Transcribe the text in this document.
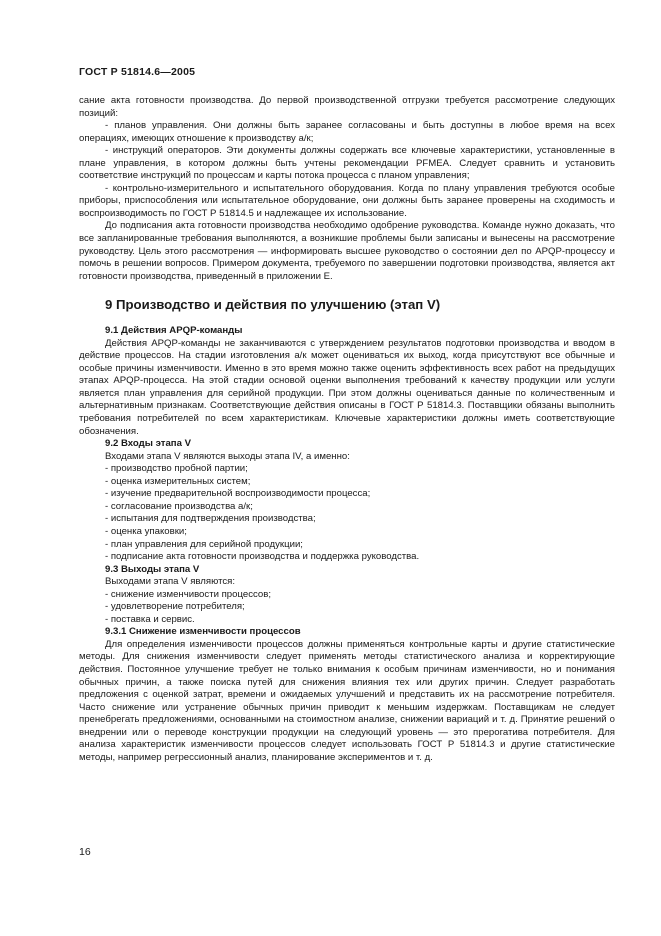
ГОСТ Р 51814.6—2005

сание акта готовности производства. До первой производственной отгрузки требуется рассмотрение следующих позиций:

- планов управления. Они должны быть заранее согласованы и быть доступны в любое время на всех операциях, имеющих отношение к производству а/к;

- инструкций операторов. Эти документы должны содержать все ключевые характеристики, установленные в плане управления, в котором должны быть учтены рекомендации PFMEA. Следует сравнить и установить соответствие инструкций по процессам и карты потока процесса с планом управления;

- контрольно-измерительного и испытательного оборудования. Когда по плану управления требуются особые приборы, приспособления или испытательное оборудование, они должны быть заранее проверены на сходимость и воспроизводимость по ГОСТ Р 51814.5 и надлежащее их использование.

До подписания акта готовности производства необходимо одобрение руководства. Команде нужно доказать, что все запланированные требования выполняются, а возникшие проблемы были записаны и вынесены на рассмотрение руководству. Цель этого рассмотрения — информировать высшее руководство о состоянии дел по APQP-процессу и помочь в решении вопросов. Примером документа, требуемого по завершении подготовки производства, является акт готовности производства, приведенный в приложении Е.

9 Производство и действия по улучшению (этап V)

9.1 Действия APQP-команды

Действия APQP-команды не заканчиваются с утверждением результатов подготовки производства и вводом в действие процессов. На стадии изготовления а/к может оцениваться их выход, когда присутствуют все обычные и особые причины изменчивости. Именно в это время можно также оценить эффективность всех работ на предыдущих этапах APQP-процесса. На этой стадии основой оценки выполнения требований к качеству продукции или услуги является план управления для серийной продукции. При этом должны оцениваться данные по количественным и альтернативным признакам. Соответствующие действия описаны в ГОСТ Р 51814.3. Поставщики обязаны выполнить требования потребителей по всем характеристикам. Ключевые характеристики должны иметь соответствующие обозначения.

9.2 Входы этапа V

Входами этапа V являются выходы этапа IV, а именно:

- производство пробной партии;

- оценка измерительных систем;

- изучение предварительной воспроизводимости процесса;

- согласование производства а/к;

- испытания для подтверждения производства;

- оценка упаковки;

- план управления для серийной продукции;

- подписание акта готовности производства и поддержка руководства.

9.3 Выходы этапа V

Выходами этапа V являются:

- снижение изменчивости процессов;

- удовлетворение потребителя;

- поставка и сервис.

9.3.1 Снижение изменчивости процессов

Для определения изменчивости процессов должны применяться контрольные карты и другие статистические методы. Для снижения изменчивости следует применять методы статистического анализа и корректирующие действия. Постоянное улучшение требует не только внимания к особым причинам изменчивости, но и понимания обычных причин, а также поиска путей для снижения влияния тех или других причин. Следует разработать предложения с оценкой затрат, времени и ожидаемых улучшений и представить их на рассмотрение потребителя. Часто снижение или устранение обычных причин приводит к меньшим издержкам. Поставщикам не следует пренебрегать предложениями, основанными на стоимостном анализе, снижении вариаций и т. д. Принятие решений о внедрении или о переводе конструкции продукции на следующий уровень — это прерогатива потребителя. Для анализа характеристик изменчивости процессов следует использовать ГОСТ Р 51814.3 и другие статистические методы, например регрессионный анализ, планирование экспериментов и т. д.

16
